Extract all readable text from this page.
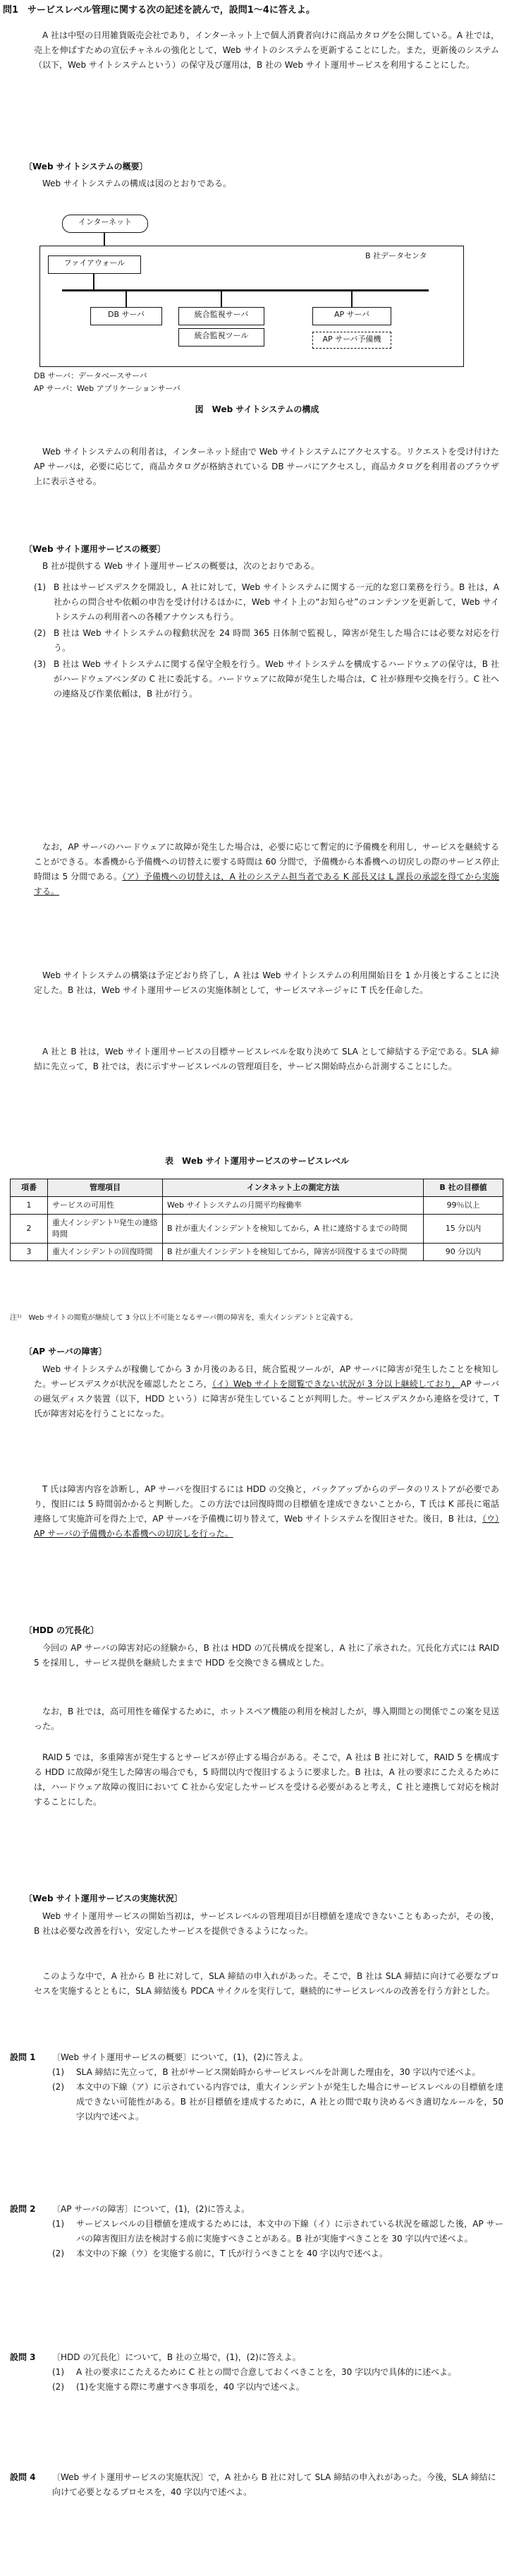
問1　サービスレベル管理に関する次の記述を読んで，設問1～4に答えよ。
A 社は中堅の日用雑貨販売会社であり，インターネット上で個人消費者向けに商品カタログを公開している。A 社では，売上を伸ばすための宣伝チャネルの強化として，Web サイトのシステムを更新することにした。また，更新後のシステム（以下，Web サイトシステムという）の保守及び運用は，B 社の Web サイト運用サービスを利用することにした。
〔Web サイトシステムの概要〕
Web サイトシステムの構成は図のとおりである。
インターネット
B 社データセンタ
ファイアウォール
DB サーバ	統合監視サーバ
統合監視ツール
AP サーバ
AP サーバ予備機
DB サーバ：データベースサーバ
AP サーバ：Web アプリケーションサーバ
図　Web サイトシステムの構成
Web サイトシステムの利用者は，インターネット経由で Web サイトシステムにアクセスする。リクエストを受け付けた AP サーバは，必要に応じて，商品カタログが格納されている DB サーバにアクセスし，商品カタログを利用者のブラウザ上に表示させる。
〔Web サイト運用サービスの概要〕
B 社が提供する Web サイト運用サービスの概要は，次のとおりである。
(1) B 社はサービスデスクを開設し，A 社に対して，Web サイトシステムに関する一元的な窓口業務を行う。B 社は，A 社からの問合せや依頼の申告を受け付けるほかに，Web サイト上の“お知らせ”のコンテンツを更新して，Web サイトシステムの利用者への各種アナウンスも行う。
(2) B 社は Web サイトシステムの稼動状況を 24 時間 365 日体制で監視し，障害が発生した場合には必要な対応を行う。
(3) B 社は Web サイトシステムに関する保守全般を行う。Web サイトシステムを構成するハードウェアの保守は，B 社がハードウェアベンダの C 社に委託する。ハードウェアに故障が発生した場合は，C 社が修理や交換を行う。C 社への連絡及び作業依頼は，B 社が行う。
なお，AP サーバのハードウェアに故障が発生した場合は，必要に応じて暫定的に予備機を利用し，サービスを継続することができる。本番機から予備機への切替えに要する時間は 60 分間で，予備機から本番機への切戻しの際のサービス停止時間は 5 分間である。（ア）予備機への切替えは，A 社のシステム担当者である K 部長又は L 課長の承認を得てから実施する。
Web サイトシステムの構築は予定どおり終了し，A 社は Web サイトシステムの利用開始日を 1 か月後とすることに決定した。B 社は，Web サイト運用サービスの実施体制として，サービスマネージャに T 氏を任命した。
A 社と B 社は，Web サイト運用サービスの目標サービスレベルを取り決めて SLA として締結する予定である。SLA 締結に先立って，B 社では，表に示すサービスレベルの管理項目を，サービス開始時点から計測することにした。
表　Web サイト運用サービスのサービスレベル
項番	管理項目	インタネット上の測定方法	B 社の目標値
1	サービスの可用性	Web サイトシステムの月間平均稼働率	99％以上
2	重大インシデント¹⁾発生の連絡時間	B 社が重大インシデントを検知してから，A 社に連絡するまでの時間	15 分以内
3	重大インシデントの回復時間	B 社が重大インシデントを検知してから，障害が回復するまでの時間	90 分以内
注¹⁾　Web サイトの閲覧が継続して 3 分以上不可能となるサーバ側の障害を，重大インシデントと定義する。
〔AP サーバの障害〕
Web サイトシステムが稼働してから 3 か月後のある日，統合監視ツールが，AP サーバに障害が発生したことを検知した。サービスデスクが状況を確認したところ，（イ）Web サイトを閲覧できない状況が 3 分以上継続しており，AP サーバの磁気ディスク装置（以下，HDD という）に障害が発生していることが判明した。サービスデスクから連絡を受けて，T 氏が障害対応を行うことになった。
T 氏は障害内容を診断し，AP サーバを復旧するには HDD の交換と，バックアップからのデータのリストアが必要であり，復旧には 5 時間弱かかると判断した。この方法では回復時間の目標値を達成できないことから，T 氏は K 部長に電話連絡して実施許可を得た上で，AP サーバを予備機に切り替えて，Web サイトシステムを復旧させた。後日，B 社は，（ウ）AP サーバの予備機から本番機への切戻しを行った。
〔HDD の冗長化〕
今回の AP サーバの障害対応の経験から，B 社は HDD の冗長構成を提案し，A 社に了承された。冗長化方式には RAID 5 を採用し，サービス提供を継続したままで HDD を交換できる構成とした。
なお，B 社では，高可用性を確保するために，ホットスペア機能の利用を検討したが，導入期間との関係でこの案を見送った。
RAID 5 では，多重障害が発生するとサービスが停止する場合がある。そこで，A 社は B 社に対して，RAID 5 を構成する HDD に故障が発生した障害の場合でも，5 時間以内で復旧するように要求した。B 社は，A 社の要求にこたえるためには，ハードウェア故障の復旧において C 社から安定したサービスを受ける必要があると考え，C 社と連携して対応を検討することにした。
〔Web サイト運用サービスの実施状況〕
Web サイト運用サービスの開始当初は，サービスレベルの管理項目が目標値を達成できないこともあったが，その後，B 社は必要な改善を行い，安定したサービスを提供できるようになった。
このような中で，A 社から B 社に対して，SLA 締結の申入れがあった。そこで，B 社は SLA 締結に向けて必要なプロセスを実施するとともに，SLA 締結後も PDCA サイクルを実行して，継続的にサービスレベルの改善を行う方針とした。
設問 1	〔Web サイト運用サービスの概要〕について，(1)，(2)に答えよ。
(1)	SLA 締結に先立って，B 社がサービス開始時からサービスレベルを計測した理由を，30 字以内で述べよ。
(2)	本文中の下線（ア）に示されている内容では，重大インシデントが発生した場合にサービスレベルの目標値を達成できない可能性がある。B 社が目標値を達成するために，A 社との間で取り決めるべき適切なルールを，50 字以内で述べよ。
設問 2	〔AP サーバの障害〕について，(1)，(2)に答えよ。
(1)	サービスレベルの目標値を達成するためには，本文中の下線（イ）に示されている状況を確認した後，AP サーバの障害復旧方法を検討する前に実施すべきことがある。B 社が実施すべきことを 30 字以内で述べよ。
(2)	本文中の下線（ウ）を実施する前に，T 氏が行うべきことを 40 字以内で述べよ。
設問 3	〔HDD の冗長化〕について，B 社の立場で，(1)，(2)に答えよ。
(1)	A 社の要求にこたえるために C 社との間で合意しておくべきことを，30 字以内で具体的に述べよ。
(2)	(1)を実施する際に考慮すべき事項を，40 字以内で述べよ。
設問 4	〔Web サイト運用サービスの実施状況〕で，A 社から B 社に対して SLA 締結の申入れがあった。今後，SLA 締結に向けて必要となるプロセスを，40 字以内で述べよ。
